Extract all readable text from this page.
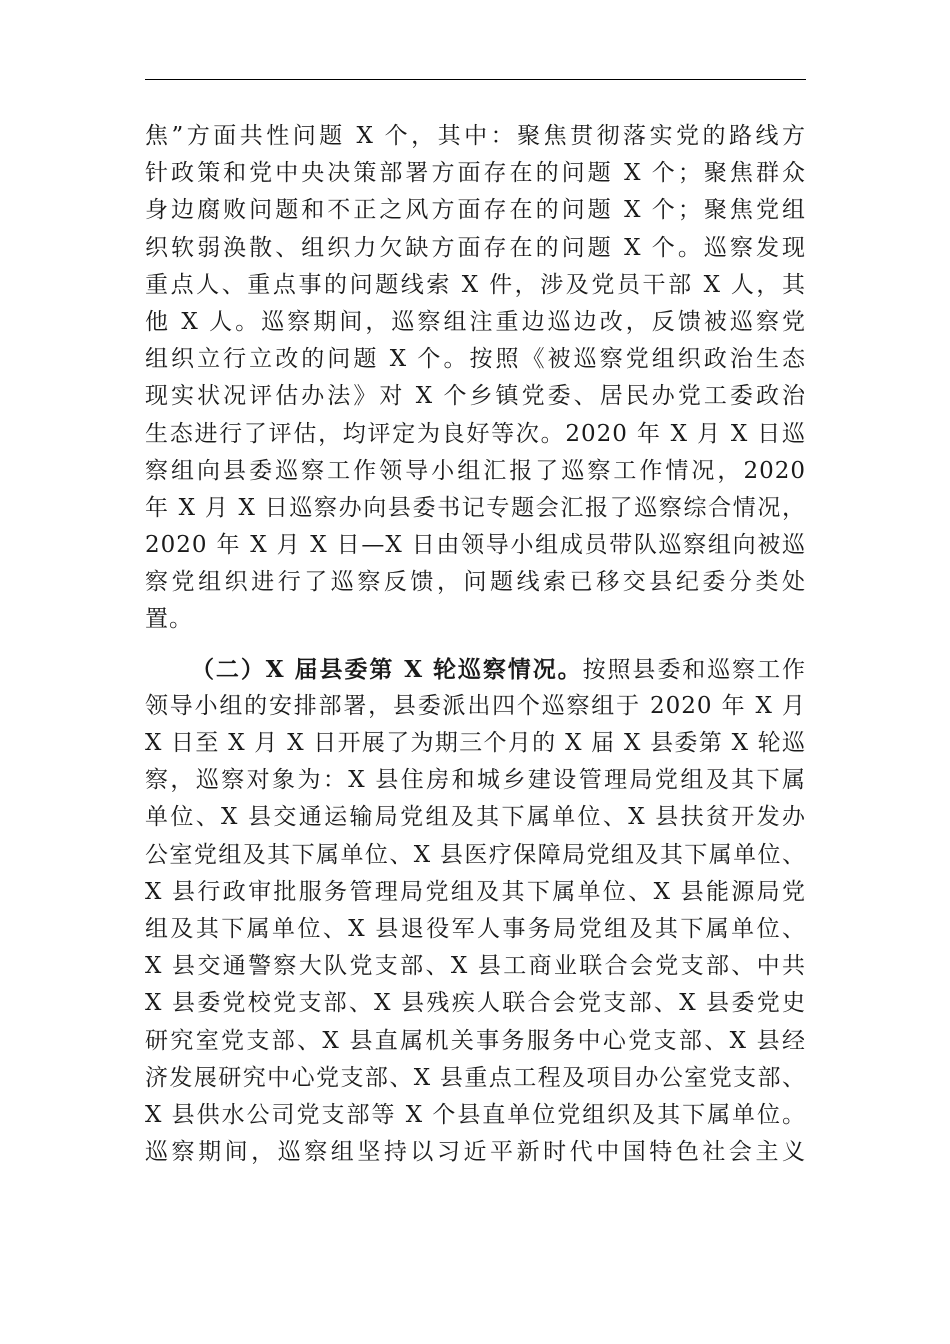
焦”方面共性问题 X 个，其中：聚焦贯彻落实党的路线方
针政策和党中央决策部署方面存在的问题 X 个；聚焦群众
身边腐败问题和不正之风方面存在的问题 X 个；聚焦党组
织软弱涣散、组织力欠缺方面存在的问题 X 个。巡察发现
重点人、重点事的问题线索 X 件，涉及党员干部 X 人，其
他 X 人。巡察期间，巡察组注重边巡边改，反馈被巡察党
组织立行立改的问题 X 个。按照《被巡察党组织政治生态
现实状况评估办法》对 X 个乡镇党委、居民办党工委政治
生态进行了评估，均评定为良好等次。2020 年 X 月 X 日巡
察组向县委巡察工作领导小组汇报了巡察工作情况，2020
年 X 月 X 日巡察办向县委书记专题会汇报了巡察综合情况，
2020 年 X 月 X 日—X 日由领导小组成员带队巡察组向被巡
察党组织进行了巡察反馈，问题线索已移交县纪委分类处
置。
（二）X 届县委第 X 轮巡察情况。按照县委和巡察工作
领导小组的安排部署，县委派出四个巡察组于 2020 年 X 月
X 日至 X 月 X 日开展了为期三个月的 X 届 X 县委第 X 轮巡
察，巡察对象为：X 县住房和城乡建设管理局党组及其下属
单位、X 县交通运输局党组及其下属单位、X 县扶贫开发办
公室党组及其下属单位、X 县医疗保障局党组及其下属单位、
X 县行政审批服务管理局党组及其下属单位、X 县能源局党
组及其下属单位、X 县退役军人事务局党组及其下属单位、
X 县交通警察大队党支部、X 县工商业联合会党支部、中共
X 县委党校党支部、X 县残疾人联合会党支部、X 县委党史
研究室党支部、X 县直属机关事务服务中心党支部、X 县经
济发展研究中心党支部、X 县重点工程及项目办公室党支部、
X 县供水公司党支部等 X 个县直单位党组织及其下属单位。
巡察期间，巡察组坚持以习近平新时代中国特色社会主义
